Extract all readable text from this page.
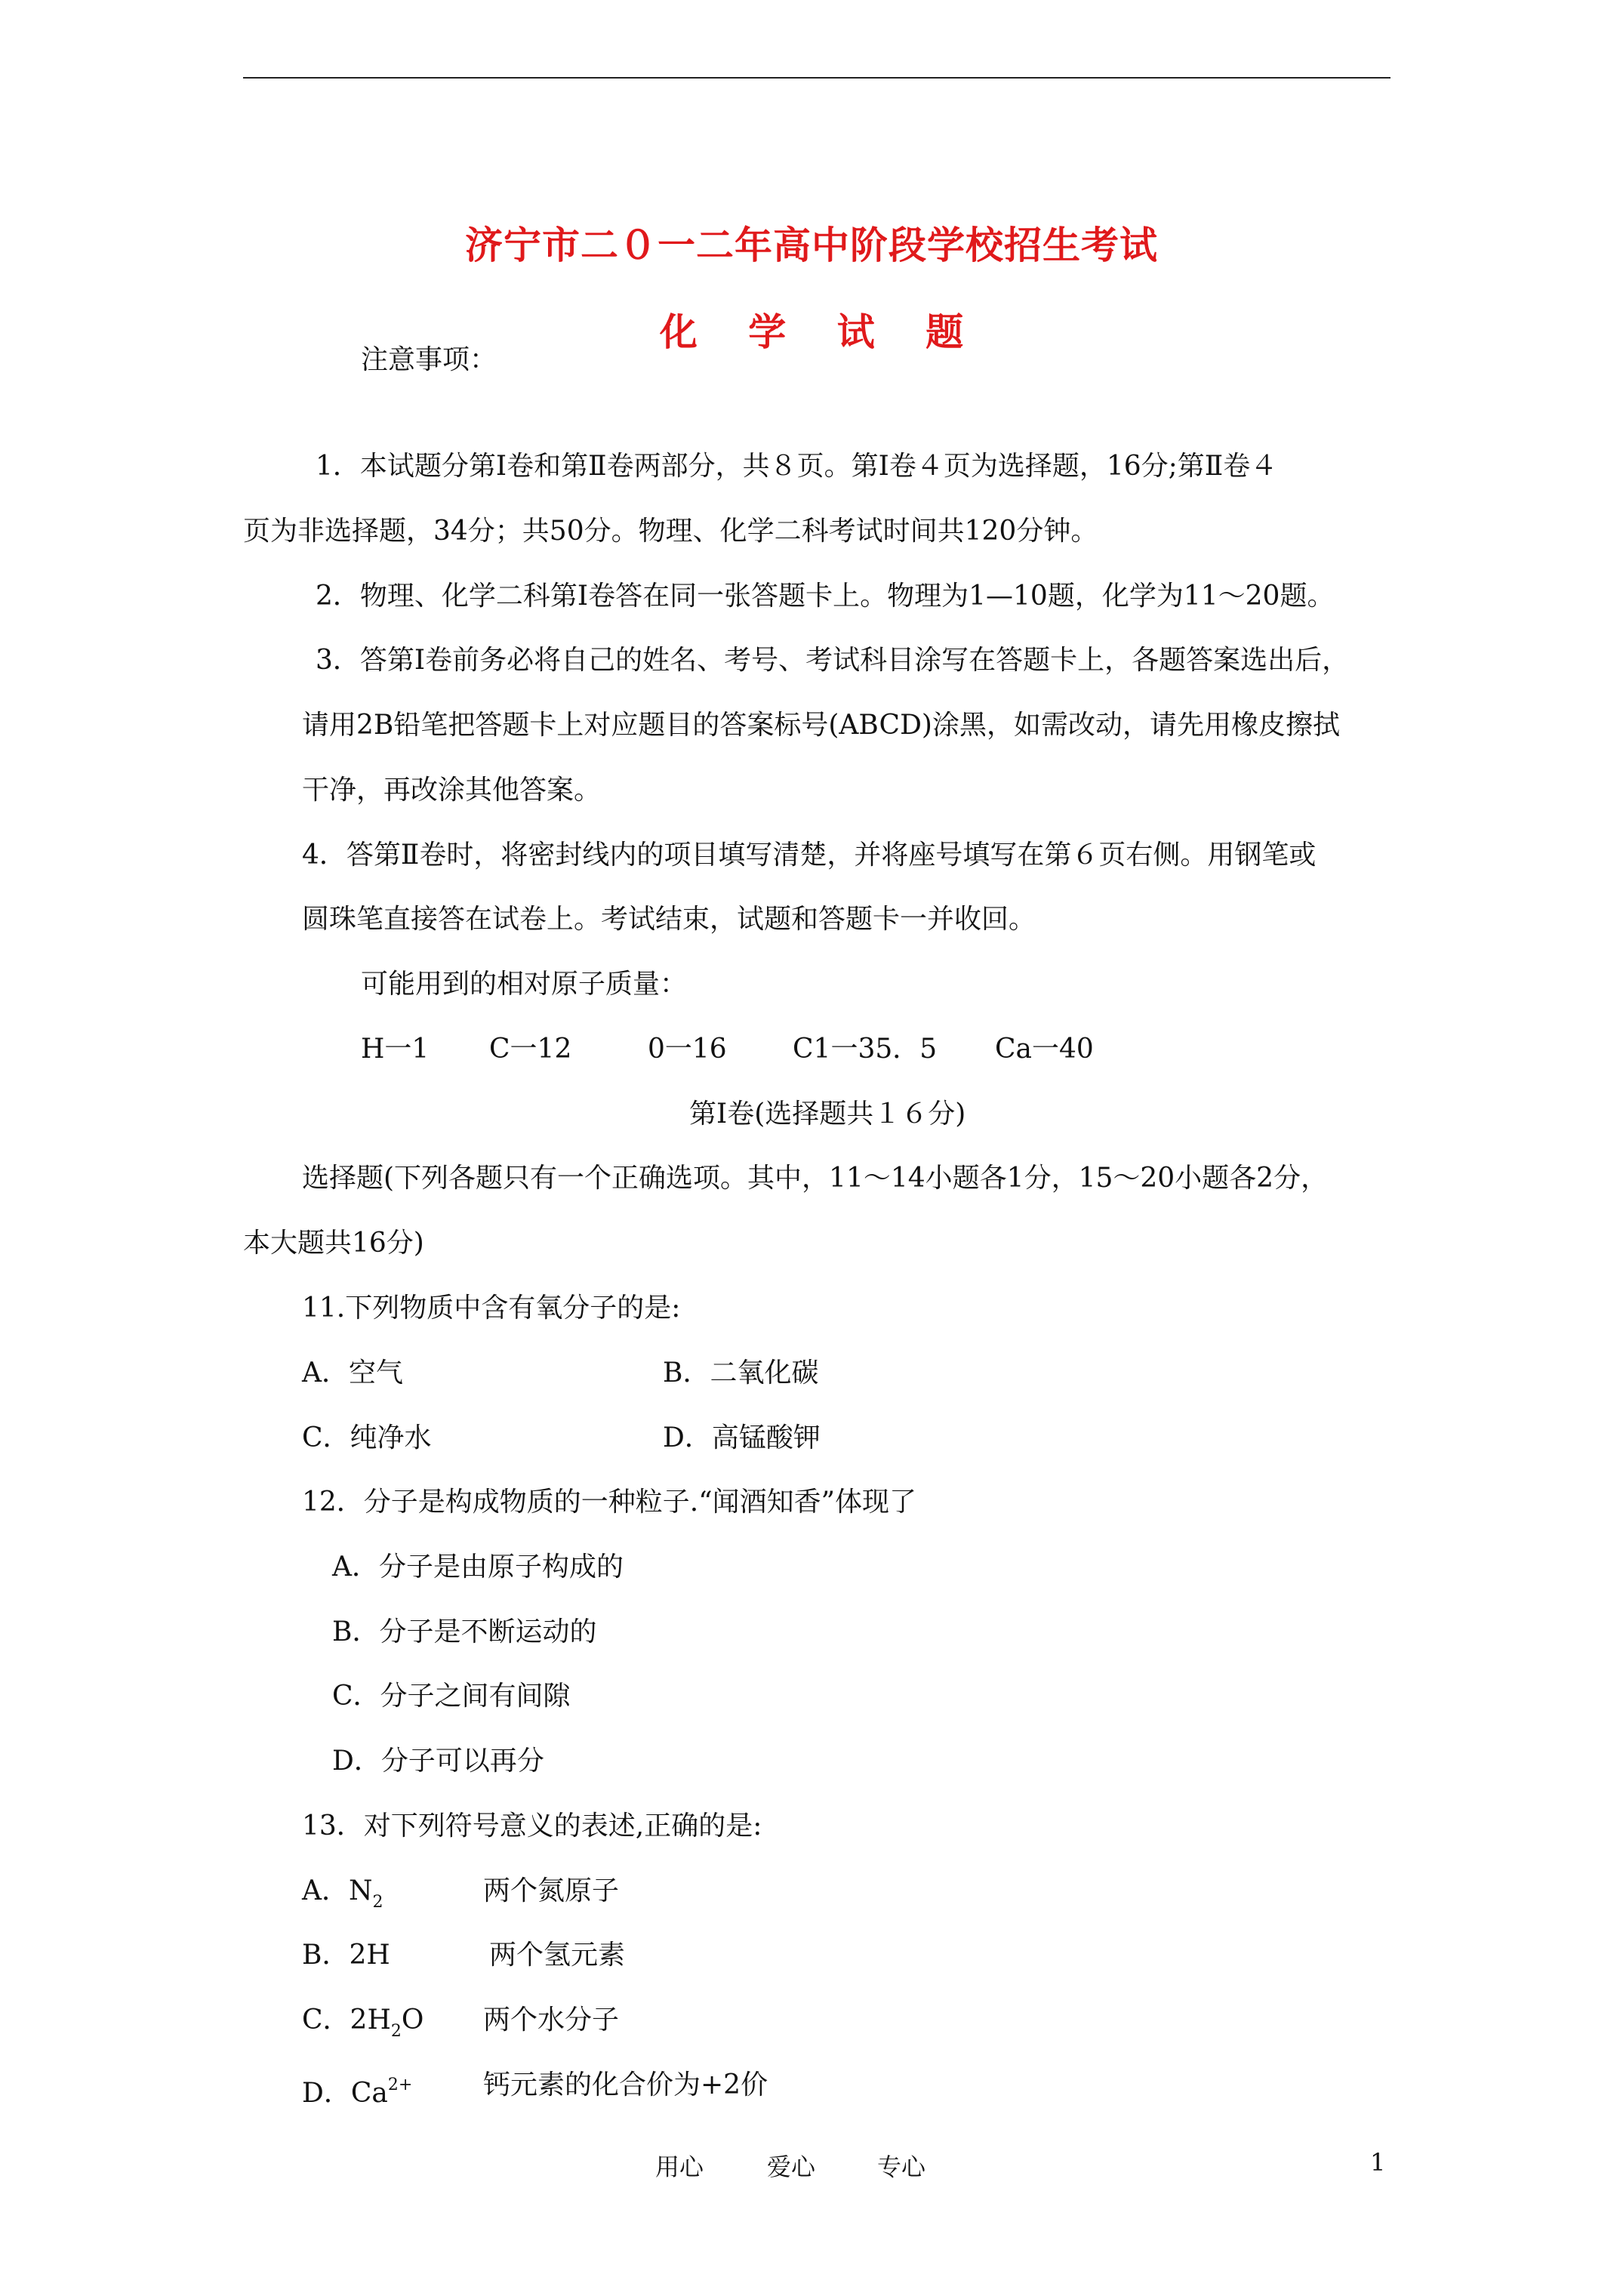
济宁市二０一二年高中阶段学校招生考试
化 学 试 题
注意事项：
1．本试题分第Ⅰ卷和第Ⅱ卷两部分，共８页。第Ⅰ卷４页为选择题，16分;第Ⅱ卷４
页为非选择题，34分；共50分。物理、化学二科考试时间共120分钟。
2．物理、化学二科第Ⅰ卷答在同一张答题卡上。物理为1—10题，化学为11～20题。
3．答第Ⅰ卷前务必将自己的姓名、考号、考试科目涂写在答题卡上，各题答案选出后，
请用2B铅笔把答题卡上对应题目的答案标号(ABCD)涂黑，如需改动，请先用橡皮擦拭
干净，再改涂其他答案。
4．答第Ⅱ卷时，将密封线内的项目填写清楚，并将座号填写在第６页右侧。用钢笔或
圆珠笔直接答在试卷上。考试结束，试题和答题卡一并收回。
可能用到的相对原子质量：
H一1 C一12	0一16 C1一35．5 Ca一40
第Ⅰ卷(选择题共１６分)
选择题(下列各题只有一个正确选项。其中，11～14小题各1分，15～20小题各2分，
本大题共16分)
11.下列物质中含有氧分子的是:
A．空气	B．二氧化碳
C．纯净水	D．高锰酸钾
12．分子是构成物质的一种粒子.“闻酒知香”体现了
A．分子是由原子构成的
B．分子是不断运动的
C．分子之间有间隙
D．分子可以再分
13．对下列符号意义的表述,正确的是:
A．$N_2$	两个氮原子
B．2H	两个氢元素
C．$2H_2O$ 两个水分子
D．$Ca^{2+}$	钙元素的化合价为+2价
用心	爱心	专心	1
